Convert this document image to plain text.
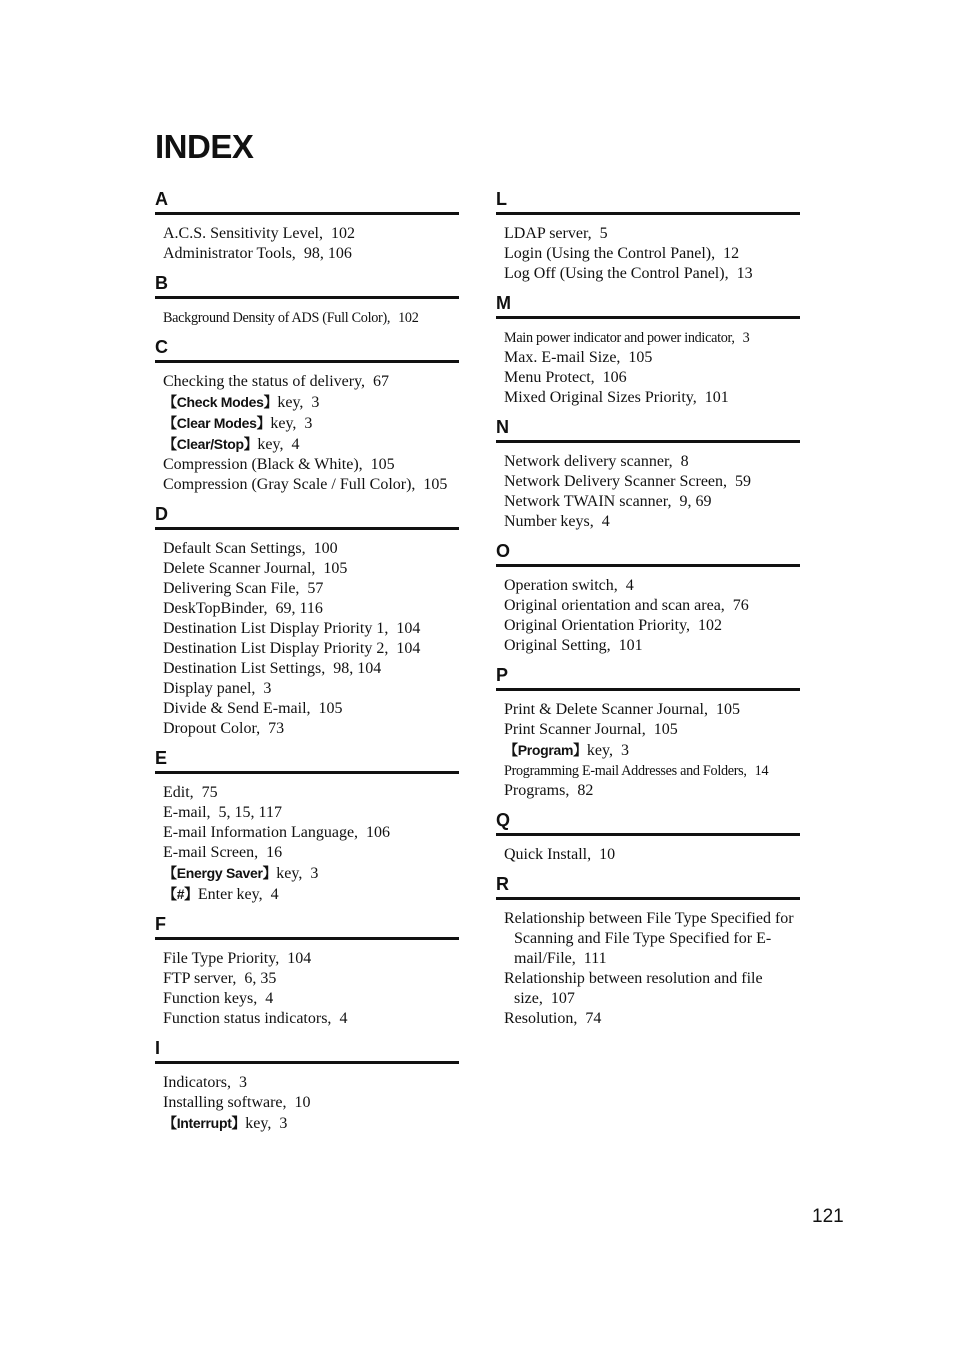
INDEX
A
A.C.S. Sensitivity Level, 102
Administrator Tools, 98, 106
B
Background Density of ADS (Full Color), 102
C
Checking the status of delivery, 67
【Check Modes】key, 3
【Clear Modes】key, 3
【Clear/Stop】key, 4
Compression (Black & White), 105
Compression (Gray Scale / Full Color), 105
D
Default Scan Settings, 100
Delete Scanner Journal, 105
Delivering Scan File, 57
DeskTopBinder, 69, 116
Destination List Display Priority 1, 104
Destination List Display Priority 2, 104
Destination List Settings, 98, 104
Display panel, 3
Divide & Send E-mail, 105
Dropout Color, 73
E
Edit, 75
E-mail, 5, 15, 117
E-mail Information Language, 106
E-mail Screen, 16
【Energy Saver】key, 3
【#】Enter key, 4
F
File Type Priority, 104
FTP server, 6, 35
Function keys, 4
Function status indicators, 4
I
Indicators, 3
Installing software, 10
【Interrupt】key, 3
L
LDAP server, 5
Login (Using the Control Panel), 12
Log Off (Using the Control Panel), 13
M
Main power indicator and power indicator, 3
Max. E-mail Size, 105
Menu Protect, 106
Mixed Original Sizes Priority, 101
N
Network delivery scanner, 8
Network Delivery Scanner Screen, 59
Network TWAIN scanner, 9, 69
Number keys, 4
O
Operation switch, 4
Original orientation and scan area, 76
Original Orientation Priority, 102
Original Setting, 101
P
Print & Delete Scanner Journal, 105
Print Scanner Journal, 105
【Program】key, 3
Programming E-mail Addresses and Folders, 14
Programs, 82
Q
Quick Install, 10
R
Relationship between File Type Specified for Scanning and File Type Specified for E-mail/File, 111
Relationship between resolution and file size, 107
Resolution, 74
121
